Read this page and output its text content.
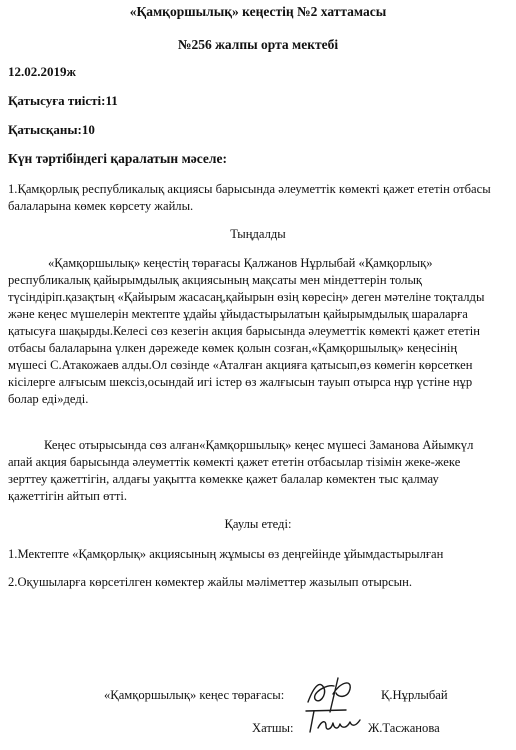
«Қамқоршылық» кеңестің №2 хаттамасы
№256 жалпы орта мектебі
12.02.2019ж
Қатысуға тиісті:11
Қатысқаны:10
Күн тәртібіндегі қаралатын мәселе:
1.Қамқорлық республикалық акциясы барысында әлеуметтік көмекті қажет ететін отбасы
балаларына көмек көрсету жайлы.
Тыңдалды
«Қамқоршылық» кеңестің төрағасы Қалжанов Нұрлыбай «Қамқорлық»
республикалық қайырымдылық акциясының мақсаты мен міндеттерін толық
түсіндіріп.қазақтың «Қайырым жасасаң,қайырын өзің көресің» деген мәтеліне тоқталды
және кеңес мүшелерін мектепте ұдайы ұйыдастырылатын қайырымдылық шараларға
қатысуға шақырды.Келесі сөз кезегін акция барысында әлеуметтік көмекті қажет ететін
отбасы балаларына үлкен дәрежеде көмек қолын созған,«Қамқоршылық» кеңесінің
мүшесі С.Атакожаев алды.Ол сөзінде «Аталған акцияға қатысып,өз көмегін көрсеткен
кісілерге алғысым шексіз,осындай игі істер өз жалғысын тауып отырса нұр үстіне нұр
болар еді»деді.
Кеңес отырысында сөз алған«Қамқоршылық» кеңес мүшесі Заманова Айымкүл
апай акция барысында әлеуметтік көмекті қажет ететін отбасылар тізімін жеке-жеке
зерттеу қажеттігін, алдағы уақытта көмекке қажет балалар көмектен тыс қалмау
қажеттігін айтып өтті.
Қаулы етеді:
1.Мектепте «Қамқорлық» акциясының жұмысы өз деңгейінде ұйымдастырылған
2.Оқушыларға көрсетілген көмектер жайлы мәліметтер жазылып отырсын.
«Қамқоршылық» кеңес төрағасы:	Қ.Нұрлыбай
Хатшы:	Ж.Тасжанова
